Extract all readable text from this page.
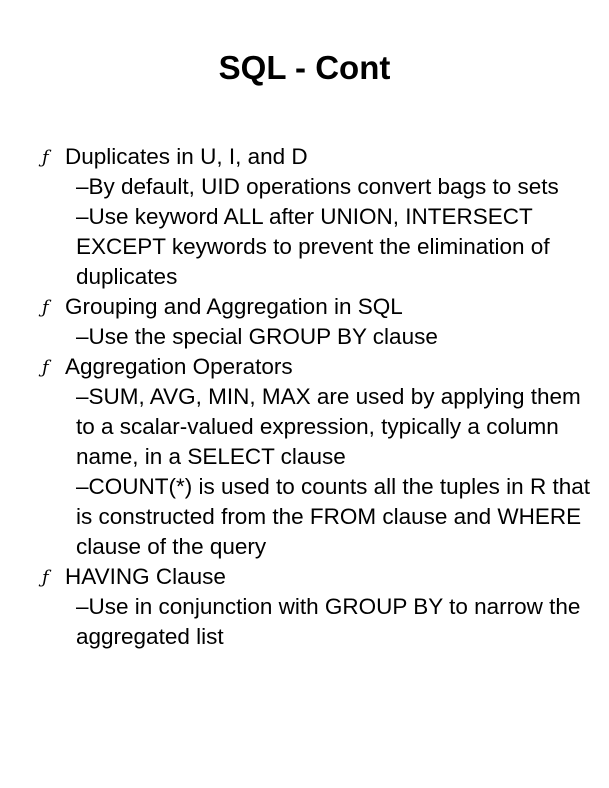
SQL - Cont
ƒ Duplicates in U, I, and D
–By default, UID operations convert bags to sets
–Use keyword ALL after UNION, INTERSECT EXCEPT keywords to prevent the elimination of duplicates
ƒ Grouping and Aggregation in SQL
–Use the special GROUP BY clause
ƒ Aggregation Operators
–SUM, AVG, MIN, MAX are used by applying them to a scalar-valued expression, typically a column name, in a SELECT clause
–COUNT(*) is used to counts all the tuples in R that is constructed from the FROM clause and WHERE clause of the query
ƒ HAVING Clause
–Use in conjunction with GROUP BY to narrow the aggregated list
